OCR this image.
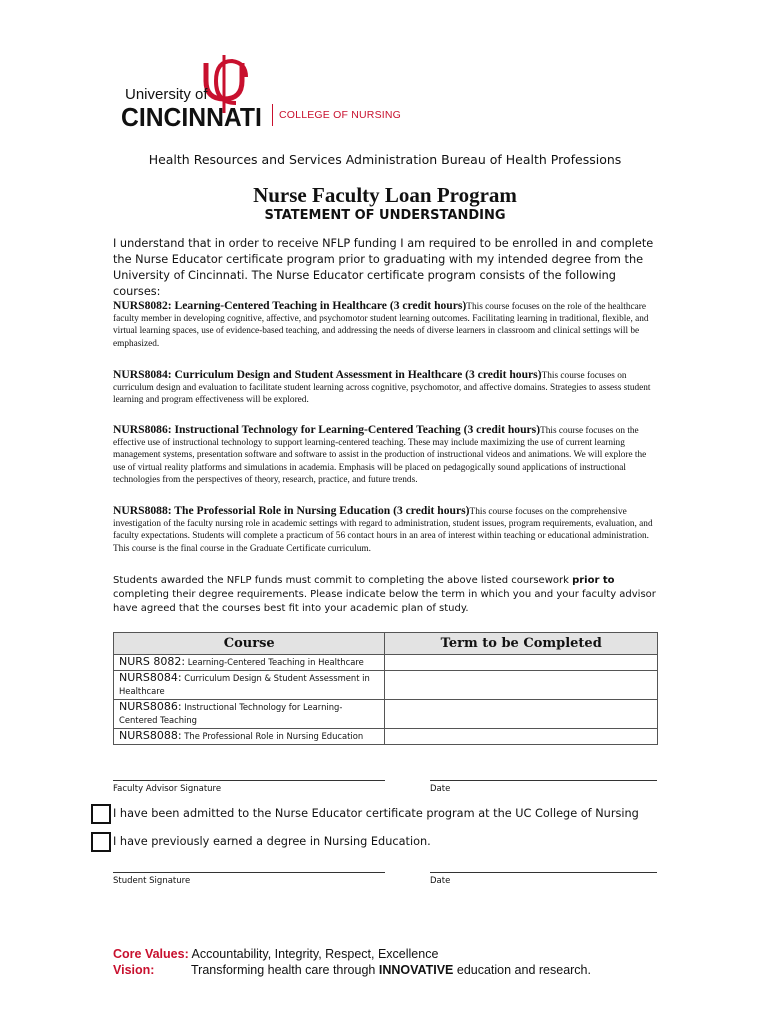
University of
CINCINNATI COLLEGE OF NURSING
Health Resources and Services Administration Bureau of Health Professions
Nurse Faculty Loan Program
STATEMENT OF UNDERSTANDING
I understand that in order to receive NFLP funding I am required to be enrolled in and complete the Nurse Educator certificate program prior to graduating with my intended degree from the University of Cincinnati. The Nurse Educator certificate program consists of the following courses:
NURS8082: Learning-Centered Teaching in Healthcare (3 credit hours)This course focuses on the role of the healthcare faculty member in developing cognitive, affective, and psychomotor student learning outcomes. Facilitating learning in traditional, flexible, and virtual learning spaces, use of evidence-based teaching, and addressing the needs of diverse learners in classroom and clinical settings will be emphasized.
NURS8084: Curriculum Design and Student Assessment in Healthcare (3 credit hours)This course focuses on curriculum design and evaluation to facilitate student learning across cognitive, psychomotor, and affective domains. Strategies to assess student learning and program effectiveness will be explored.
NURS8086: Instructional Technology for Learning-Centered Teaching (3 credit hours)This course focuses on the effective use of instructional technology to support learning-centered teaching. These may include maximizing the use of current learning management systems, presentation software and software to assist in the production of instructional videos and animations. We will explore the use of virtual reality platforms and simulations in academia. Emphasis will be placed on pedagogically sound applications of instructional technologies from the perspectives of theory, research, practice, and future trends.
NURS8088: The Professorial Role in Nursing Education (3 credit hours)This course focuses on the comprehensive investigation of the faculty nursing role in academic settings with regard to administration, student issues, program requirements, evaluation, and faculty expectations. Students will complete a practicum of 56 contact hours in an area of interest within teaching or educational administration. This course is the final course in the Graduate Certificate curriculum.
Students awarded the NFLP funds must commit to completing the above listed coursework prior to completing their degree requirements. Please indicate below the term in which you and your faculty advisor have agreed that the courses best fit into your academic plan of study.
Course	Term to be Completed
NURS 8082: Learning-Centered Teaching in Healthcare	
NURS8084: Curriculum Design & Student Assessment in Healthcare	
NURS8086: Instructional Technology for Learning-Centered Teaching	
NURS8088: The Professional Role in Nursing Education	
Faculty Advisor Signature	Date
I have been admitted to the Nurse Educator certificate program at the UC College of Nursing
I have previously earned a degree in Nursing Education.
Student Signature	Date
Core Values: Accountability, Integrity, Respect, Excellence
Vision:	Transforming health care through INNOVATIVE education and research.
